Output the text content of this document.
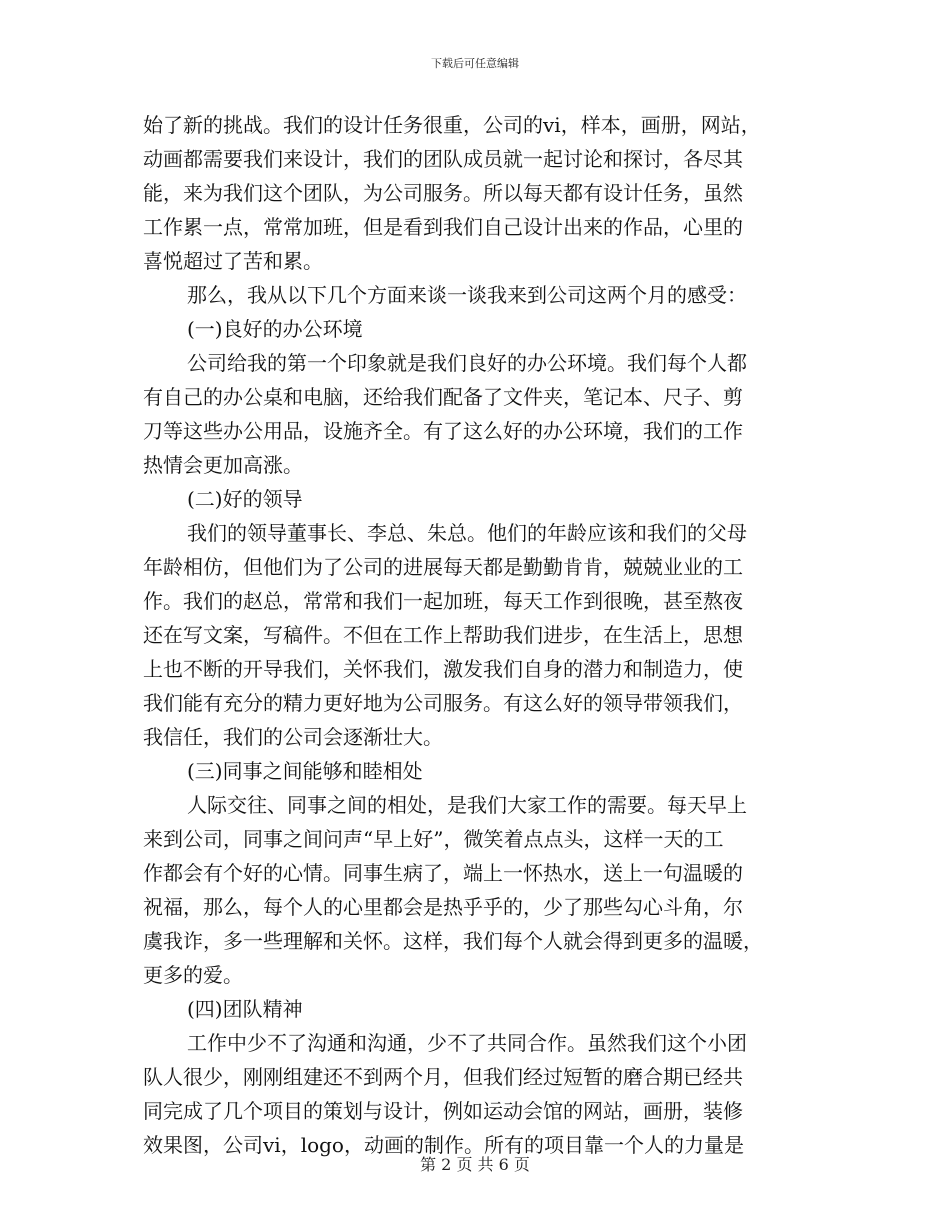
下载后可任意编辑
始了新的挑战。我们的设计任务很重，公司的vi，样本，画册，网站，
动画都需要我们来设计，我们的团队成员就一起讨论和探讨，各尽其
能，来为我们这个团队，为公司服务。所以每天都有设计任务，虽然
工作累一点，常常加班，但是看到我们自己设计出来的作品，心里的
喜悦超过了苦和累。
那么，我从以下几个方面来谈一谈我来到公司这两个月的感受：
(一)良好的办公环境
公司给我的第一个印象就是我们良好的办公环境。我们每个人都
有自己的办公桌和电脑，还给我们配备了文件夹，笔记本、尺子、剪
刀等这些办公用品，设施齐全。有了这么好的办公环境，我们的工作
热情会更加高涨。
(二)好的领导
我们的领导董事长、李总、朱总。他们的年龄应该和我们的父母
年龄相仿，但他们为了公司的进展每天都是勤勤肯肯，兢兢业业的工
作。我们的赵总，常常和我们一起加班，每天工作到很晚，甚至熬夜
还在写文案，写稿件。不但在工作上帮助我们进步，在生活上，思想
上也不断的开导我们，关怀我们，激发我们自身的潜力和制造力，使
我们能有充分的精力更好地为公司服务。有这么好的领导带领我们，
我信任，我们的公司会逐渐壮大。
(三)同事之间能够和睦相处
人际交往、同事之间的相处，是我们大家工作的需要。每天早上
来到公司，同事之间问声“早上好”，微笑着点点头，这样一天的工
作都会有个好的心情。同事生病了，端上一怀热水，送上一句温暖的
祝福，那么，每个人的心里都会是热乎乎的，少了那些勾心斗角，尔
虞我诈，多一些理解和关怀。这样，我们每个人就会得到更多的温暖，
更多的爱。
(四)团队精神
工作中少不了沟通和沟通，少不了共同合作。虽然我们这个小团
队人很少，刚刚组建还不到两个月，但我们经过短暂的磨合期已经共
同完成了几个项目的策划与设计，例如运动会馆的网站，画册，装修
效果图，公司vi，logo，动画的制作。所有的项目靠一个人的力量是
第 2 页 共 6 页
